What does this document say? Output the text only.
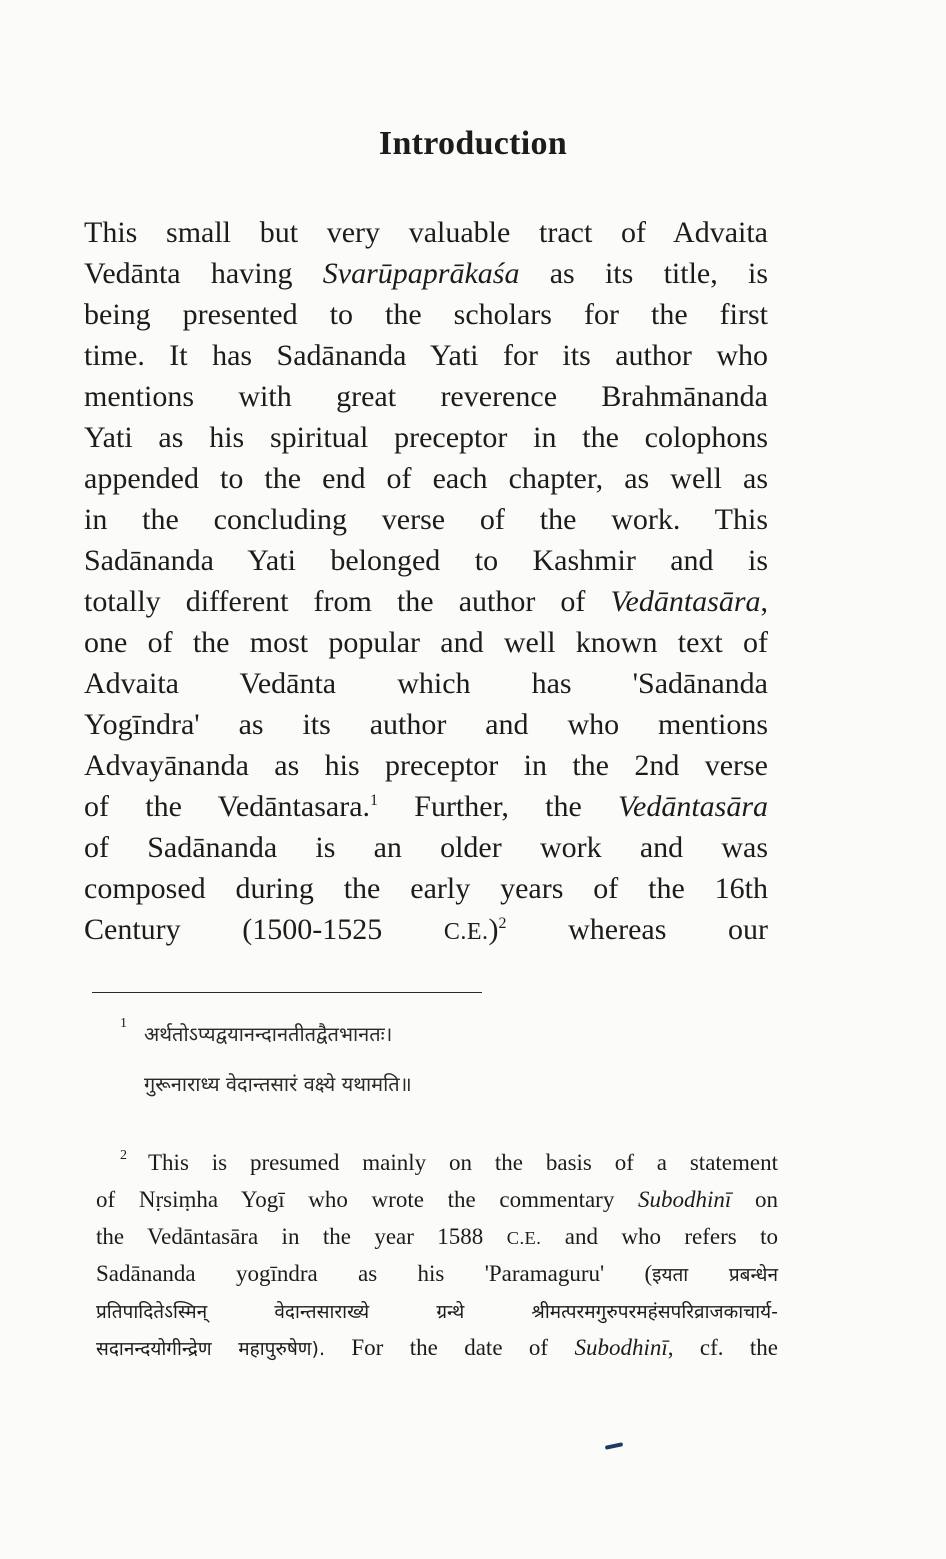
Introduction
This small but very valuable tract of Advaita
Vedānta having Svarūpaprākaśa as its title, is
being presented to the scholars for the first
time. It has Sadānanda Yati for its author who
mentions with great reverence Brahmānanda
Yati as his spiritual preceptor in the colophons
appended to the end of each chapter, as well as
in the concluding verse of the work. This
Sadānanda Yati belonged to Kashmir and is
totally different from the author of Vedāntasāra,
one of the most popular and well known text of
Advaita Vedānta which has 'Sadānanda
Yogīndra' as its author and who mentions
Advayānanda as his preceptor in the 2nd verse
of the Vedāntasara.$^1$ Further, the Vedāntasāra
of Sadānanda is an older work and was
composed during the early years of the 16th
Century (1500-1525 C.E.)$^2$ whereas our
1 अर्थतोऽप्यद्वयानन्दानतीतद्वैतभानतः।
गुरूनाराध्य वेदान्तसारं वक्ष्ये यथामति॥
2 This is presumed mainly on the basis of a statement
of Nṛsiṃha Yogī who wrote the commentary Subodhinī on
the Vedāntasāra in the year 1588 C.E. and who refers to
Sadānanda yogīndra as his 'Paramaguru' (इयता प्रबन्धेन
प्रतिपादितेऽस्मिन् वेदान्तसाराख्ये ग्रन्थे श्रीमत्परमगुरुपरमहंसपरिव्राजकाचार्य-
सदानन्दयोगीन्द्रेण महापुरुषेण). For the date of Subodhinī, cf. the
